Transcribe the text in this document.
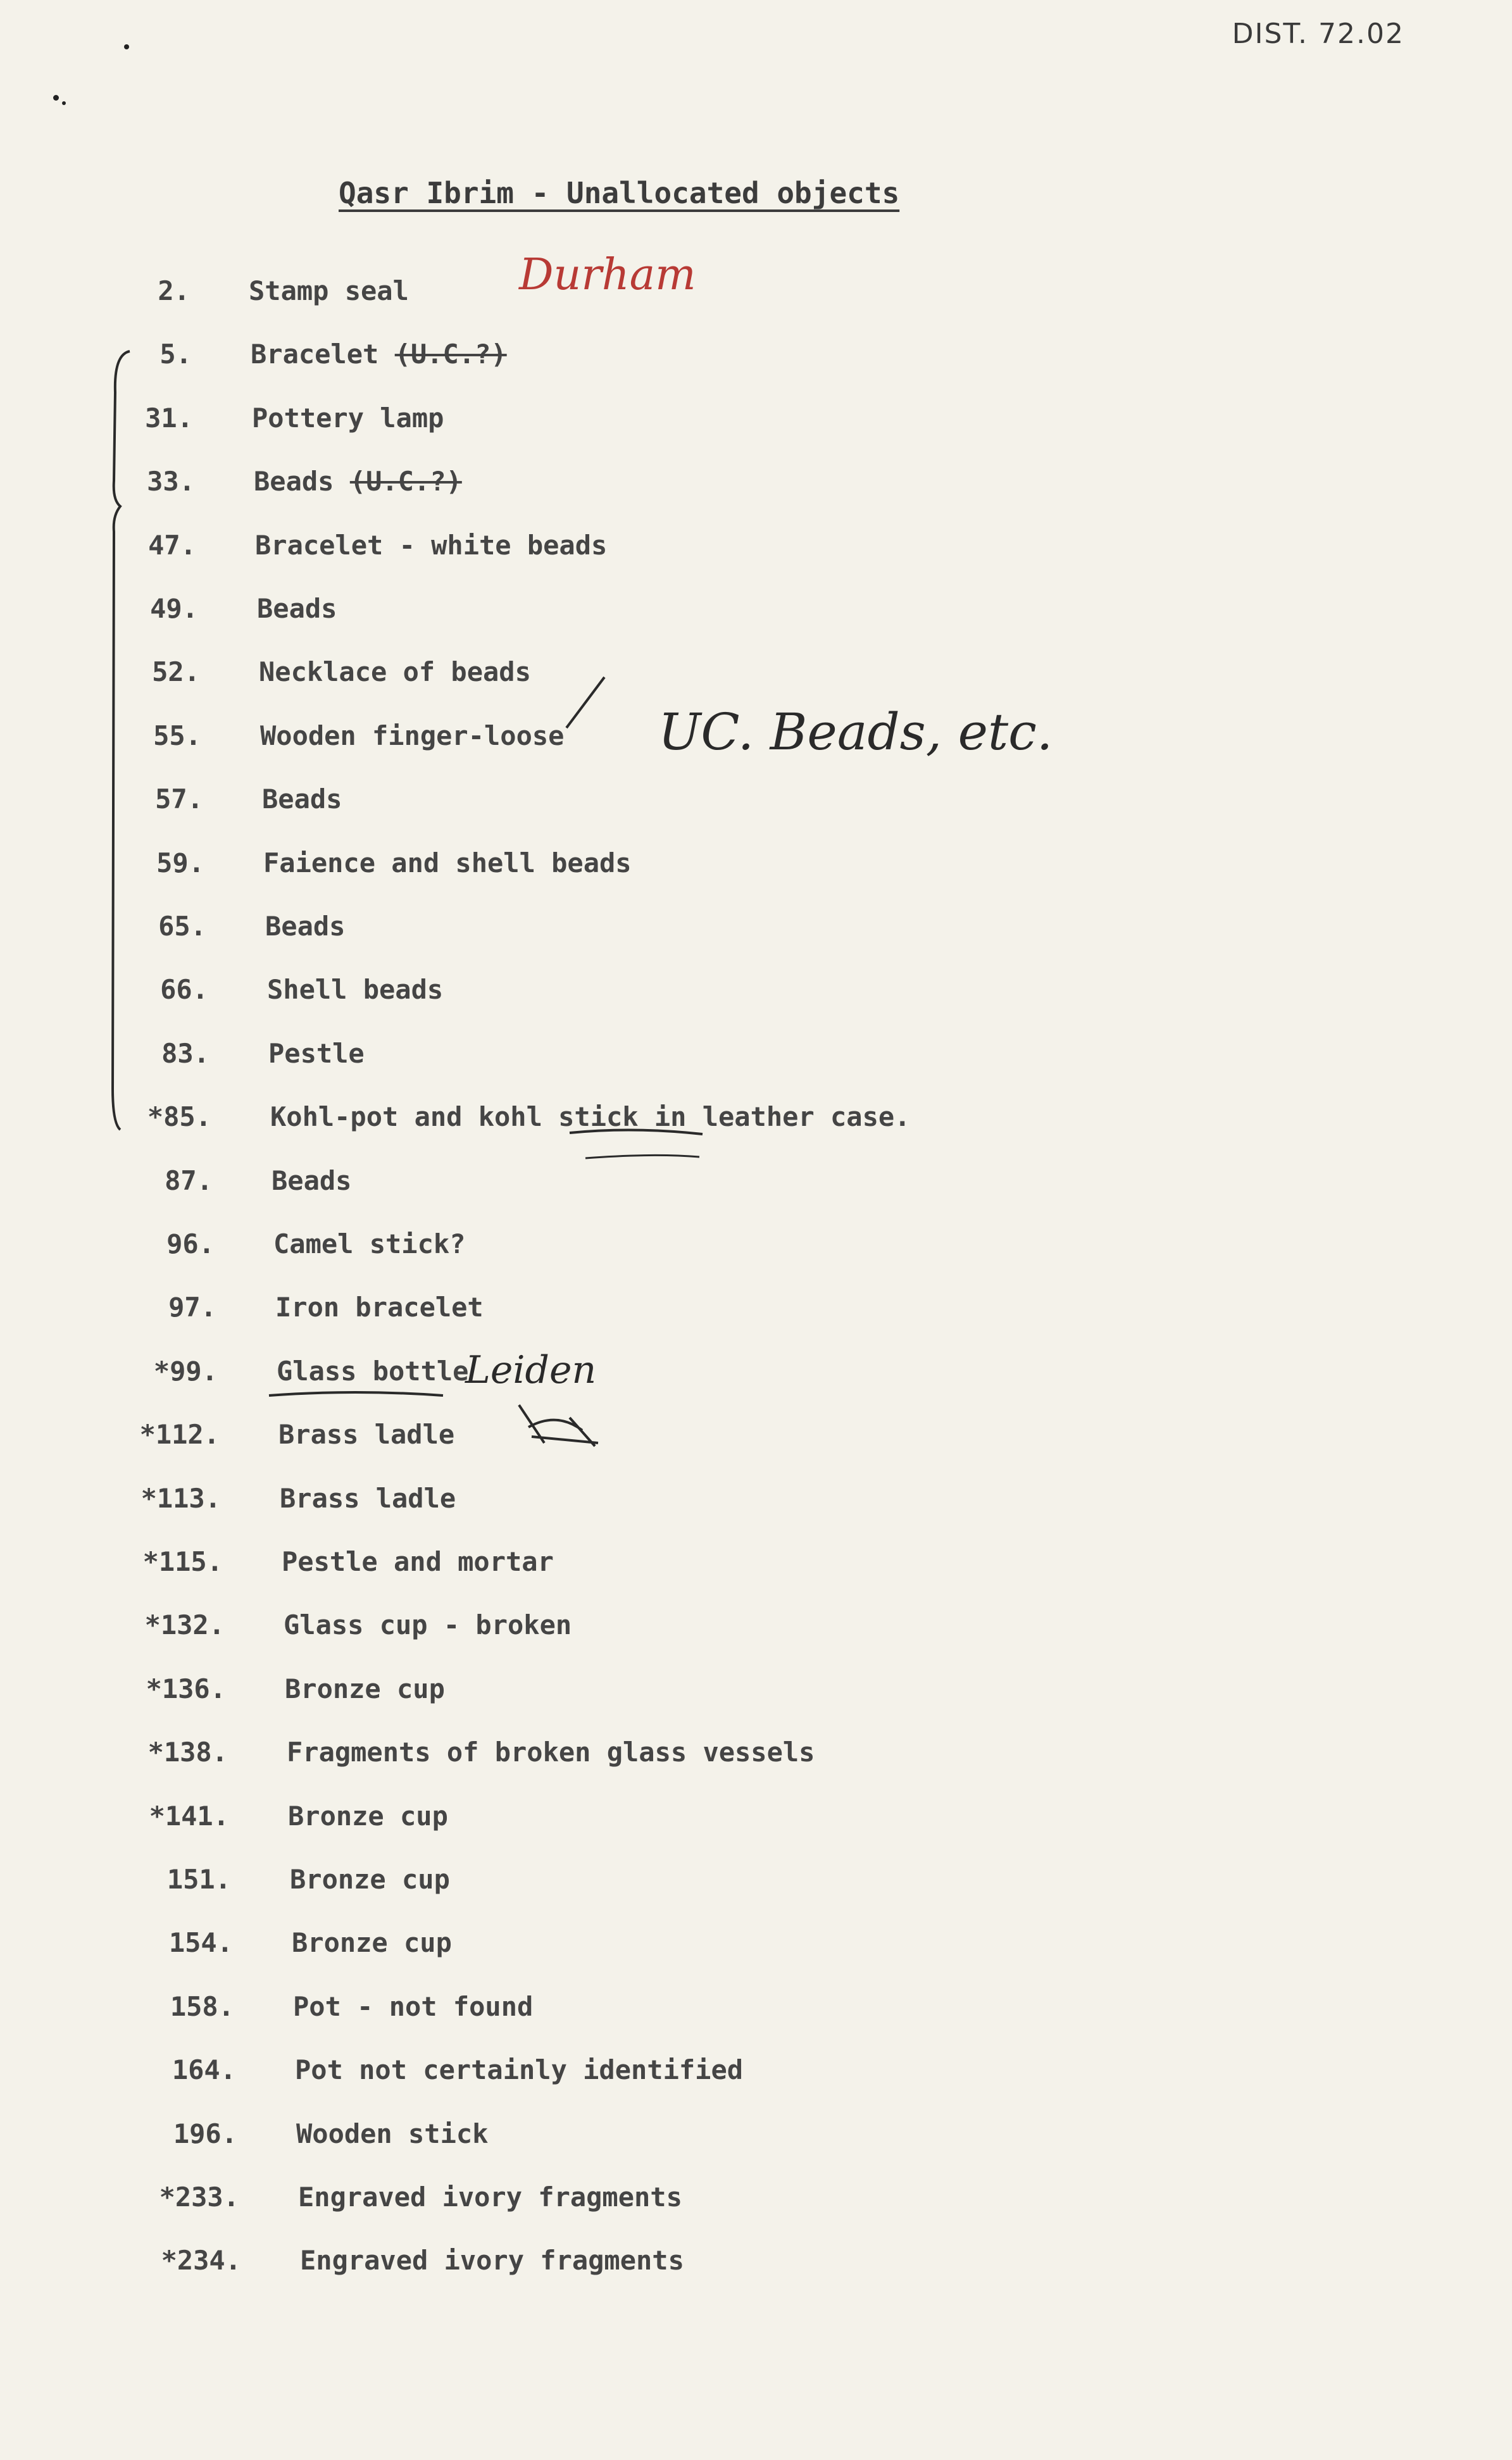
DIST. 72.02
Qasr Ibrim - Unallocated objects
2. Stamp seal
5. Bracelet (U.C.?)
31. Pottery lamp
33. Beads (U.C.?)
47. Bracelet - white beads
49. Beads
52. Necklace of beads
55. Wooden finger-loose
57. Beads
59. Faience and shell beads
65. Beads
66. Shell beads
83. Pestle
*85. Kohl-pot and kohl stick in leather case.
87. Beads
96. Camel stick?
97. Iron bracelet
*99. Glass bottle
*112. Brass ladle
*113. Brass ladle
*115. Pestle and mortar
*132. Glass cup - broken
*136. Bronze cup
*138. Fragments of broken glass vessels
*141. Bronze cup
151. Bronze cup
154. Bronze cup
158. Pot - not found
164. Pot not certainly identified
196. Wooden stick
*233. Engraved ivory fragments
*234. Engraved ivory fragments
Durham
UC. Beads, etc.
Leiden
